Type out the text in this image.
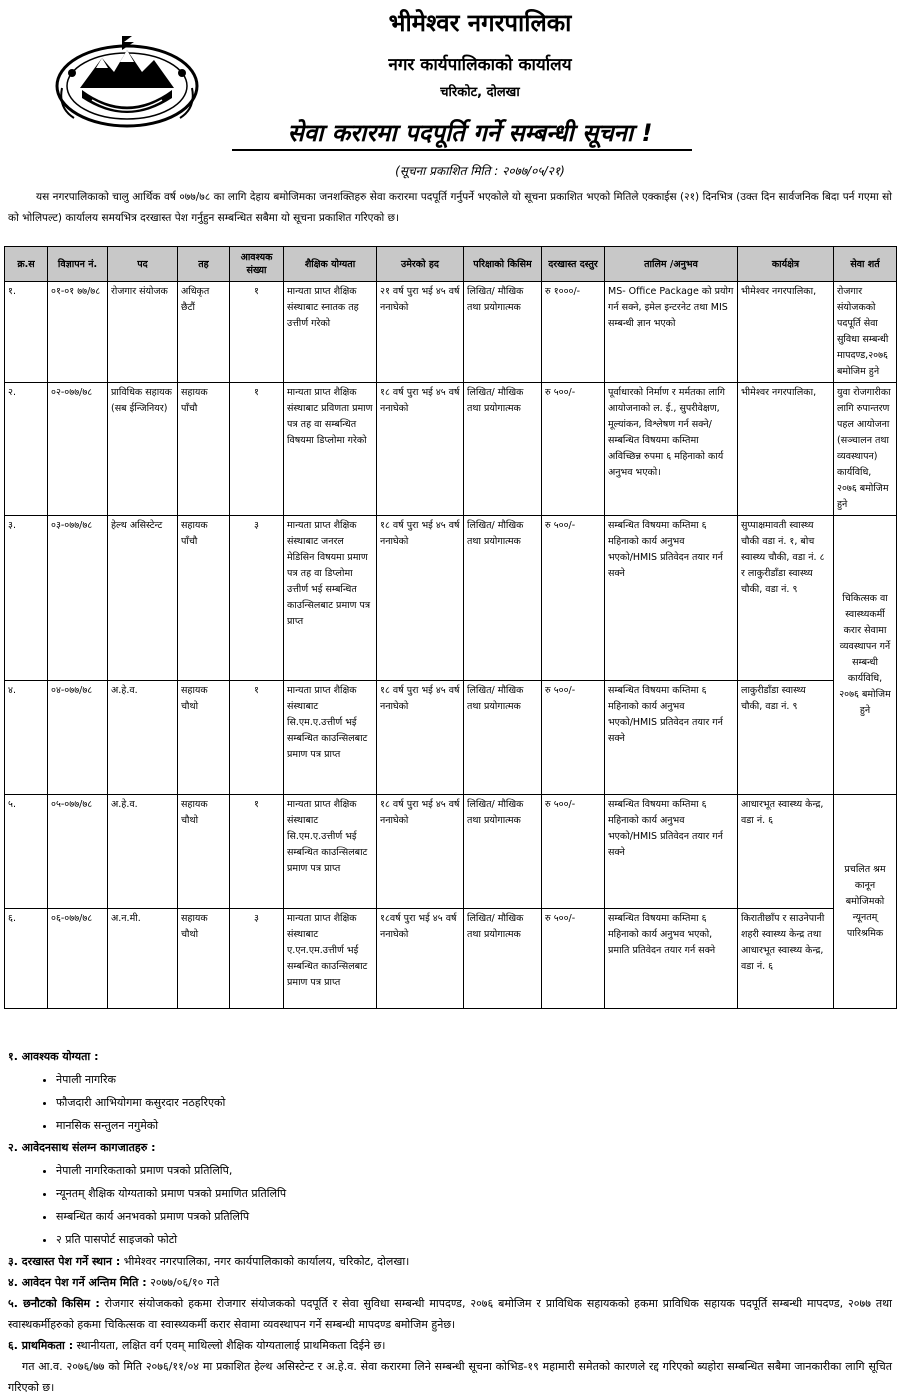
भीमेश्वर नगरपालिका
नगर कार्यपालिकाको कार्यालय
चरिकोट, दोलखा
सेवा करारमा पदपूर्ति गर्ने सम्बन्धी सूचना !
(सूचना प्रकाशित मिति : २०७७/०५/२१)
यस नगरपालिकाको चालु आर्थिक वर्ष ०७७/७८ का लागि देहाय बमोजिमका जनशक्तिहरु सेवा करारमा पदपूर्ति गर्नुपर्ने भएकोले यो सूचना प्रकाशित भएको मितिले एक्काईस (२१) दिनभित्र (उक्त दिन सार्वजनिक बिदा पर्न गएमा सो को भोलिपल्ट) कार्यालय समयभित्र दरखास्त पेश गर्नुहुन सम्बन्धित सबैमा यो सूचना प्रकाशित गरिएको छ।
क्र.स	विज्ञापन नं.	पद	तह	आवश्यक संख्या	शैक्षिक योग्यता	उमेरको हद	परिक्षाको किसिम	दरखास्त दस्तुर	तालिम /अनुभव	कार्यक्षेत्र	सेवा शर्त
१.	०१-०१ ७७/७८	रोजगार संयोजक	अधिकृत छैटौं	१	मान्यता प्राप्त शैक्षिक संस्थाबाट स्नातक तह उत्तीर्ण गरेको	२१ वर्ष पुरा भई ४५ वर्ष ननाघेको	लिखित/ मौखिक तथा प्रयोगात्मक	रु १०००/-	MS- Office Package को प्रयोग गर्न सक्ने, इमेल इन्टरनेट तथा MIS सम्बन्धी ज्ञान भएको	भीमेश्वर नगरपालिका,	रोजगार संयोजकको पदपूर्ति सेवा सुविधा सम्बन्धी मापदण्ड,२०७६ बमोजिम हुने
२.	०२-०७७/७८	प्राविधिक सहायक (सब ईन्जिनियर)	सहायक पाँचौ	१	मान्यता प्राप्त शैक्षिक संस्थाबाट प्रविणता प्रमाण पत्र तह वा सम्बन्धित विषयमा डिप्लोमा गरेको	१८ वर्ष पुरा भई ४५ वर्ष ननाघेको	लिखित/ मौखिक तथा प्रयोगात्मक	रु ५००/-	पूर्वाधारको निर्माण र मर्मतका लागि आयोजनाको ल. ई., सुपरीवेक्षण, मूल्यांकन, विश्लेषण गर्न सक्ने/सम्बन्धित विषयमा कम्तिमा अविच्छिन्न रुपमा ६ महिनाको कार्य अनुभव भएको।	भीमेश्वर नगरपालिका,	युवा रोजगारीका लागि रुपान्तरण पहल आयोजना (सञ्चालन तथा व्यवस्थापन) कार्यविधि, २०७६ बमोजिम हुने
३.	०३-०७७/७८	हेल्थ असिस्टेन्ट	सहायक पाँचौ	३	मान्यता प्राप्त शैक्षिक संस्थाबाट जनरल मेडिसिन विषयमा प्रमाण पत्र तह वा डिप्लोमा उत्तीर्ण भई सम्बन्धित काउन्सिलबाट प्रमाण पत्र प्राप्त	१८ वर्ष पुरा भई ४५ वर्ष ननाघेको	लिखित/ मौखिक तथा प्रयोगात्मक	रु ५००/-	सम्बन्धित विषयमा कम्तिमा ६ महिनाको कार्य अनुभव भएको/HMIS प्रतिवेदन तयार गर्न सक्ने	सुप्पाक्षमावती स्वास्थ्य चौकी वडा नं. १, बोच स्वास्थ्य चौकी, वडा नं. ८ र लाकुरीडाँडा स्वास्थ्य चौकी, वडा नं. ९	चिकित्सक वा स्वास्थ्यकर्मी करार सेवामा व्यवस्थापन गर्ने सम्बन्धी कार्यविधि, २०७६ बमोजिम हुने
४.	०४-०७७/७८	अ.हे.व.	सहायक चौथो	१	मान्यता प्राप्त शैक्षिक संस्थाबाट सि.एम.ए.उत्तीर्ण भई सम्बन्धित काउन्सिलबाट प्रमाण पत्र प्राप्त	१८ वर्ष पुरा भई ४५ वर्ष ननाघेको	लिखित/ मौखिक तथा प्रयोगात्मक	रु ५००/-	सम्बन्धित विषयमा कम्तिमा ६ महिनाको कार्य अनुभव भएको/HMIS प्रतिवेदन तयार गर्न सक्ने	लाकुरीडाँडा स्वास्थ्य चौकी, वडा नं. ९	
५.	०५-०७७/७८	अ.हे.व.	सहायक चौथो	१	मान्यता प्राप्त शैक्षिक संस्थाबाट सि.एम.ए.उत्तीर्ण भई सम्बन्धित काउन्सिलबाट प्रमाण पत्र प्राप्त	१८ वर्ष पुरा भई ४५ वर्ष ननाघेको	लिखित/ मौखिक तथा प्रयोगात्मक	रु ५००/-	सम्बन्धित विषयमा कम्तिमा ६ महिनाको कार्य अनुभव भएको/HMIS प्रतिवेदन तयार गर्न सक्ने	आधारभूत स्वास्थ्य केन्द्र, वडा नं. ६	प्रचलित श्रम कानून बमोजिमको न्यूनतम् पारिश्रमिक
६.	०६-०७७/७८	अ.न.मी.	सहायक चौथो	३	मान्यता प्राप्त शैक्षिक संस्थाबाट ए.एन.एम.उत्तीर्ण भई सम्बन्धित काउन्सिलबाट प्रमाण पत्र प्राप्त	१८वर्ष पुरा भई ४५ वर्ष ननाघेको	लिखित/ मौखिक तथा प्रयोगात्मक	रु ५००/-	सम्बन्धित विषयमा कम्तिमा ६ महिनाको कार्य अनुभव भएको, प्रमाति प्रतिवेदन तयार गर्न सक्ने	किरातीछाँप र साउनेपानी शहरी स्वास्थ्य केन्द्र तथा आधारभूत स्वास्थ्य केन्द्र, वडा नं. ६	
१. आवश्यक योग्यता :
• नेपाली नागरिक
• फौजदारी आभियोगमा कसुरदार नठहरिएको
• मानसिक सन्तुलन नगुमेको
२. आवेदनसाथ संलग्न कागजातहरु :
• नेपाली नागरिकताको प्रमाण पत्रको प्रतिलिपि,
• न्यूनतम् शैक्षिक योग्यताको प्रमाण पत्रको प्रमाणित प्रतिलिपि
• सम्बन्धित कार्य अनभवको प्रमाण पत्रको प्रतिलिपि
• २ प्रति पासपोर्ट साइजको फोटो
३. दरखास्त पेश गर्ने स्थान : भीमेश्वर नगरपालिका, नगर कार्यपालिकाको कार्यालय, चरिकोट, दोलखा।
४. आवेदन पेश गर्ने अन्तिम मिति : २०७७/०६/१० गते
५. छनौटको किसिम : रोजगार संयोजकको हकमा रोजगार संयोजकको पदपूर्ति र सेवा सुविधा सम्बन्धी मापदण्ड, २०७६ बमोजिम र प्राविधिक सहायकको हकमा प्राविधिक सहायक पदपूर्ति सम्बन्धी मापदण्ड, २०७७ तथा स्वास्थकर्मीहरुको हकमा चिकित्सक वा स्वास्थ्यकर्मी करार सेवामा व्यवस्थापन गर्ने सम्बन्धी मापदण्ड बमोजिम हुनेछ।
६. प्राथमिकता : स्थानीयता, लक्षित वर्ग एवम् माथिल्लो शैक्षिक योग्यतालाई प्राथमिकता दिईने छ।
गत आ.व. २०७६/७७ को मिति २०७६/११/०४ मा प्रकाशित हेल्थ असिस्टेन्ट र अ.हे.व. सेवा करारमा लिने सम्बन्धी सूचना कोभिड-१९ महामारी समेतको कारणले रद्द गरिएको ब्यहोरा सम्बन्धित सबैमा जानकारीका लागि सूचित गरिएको छ।
